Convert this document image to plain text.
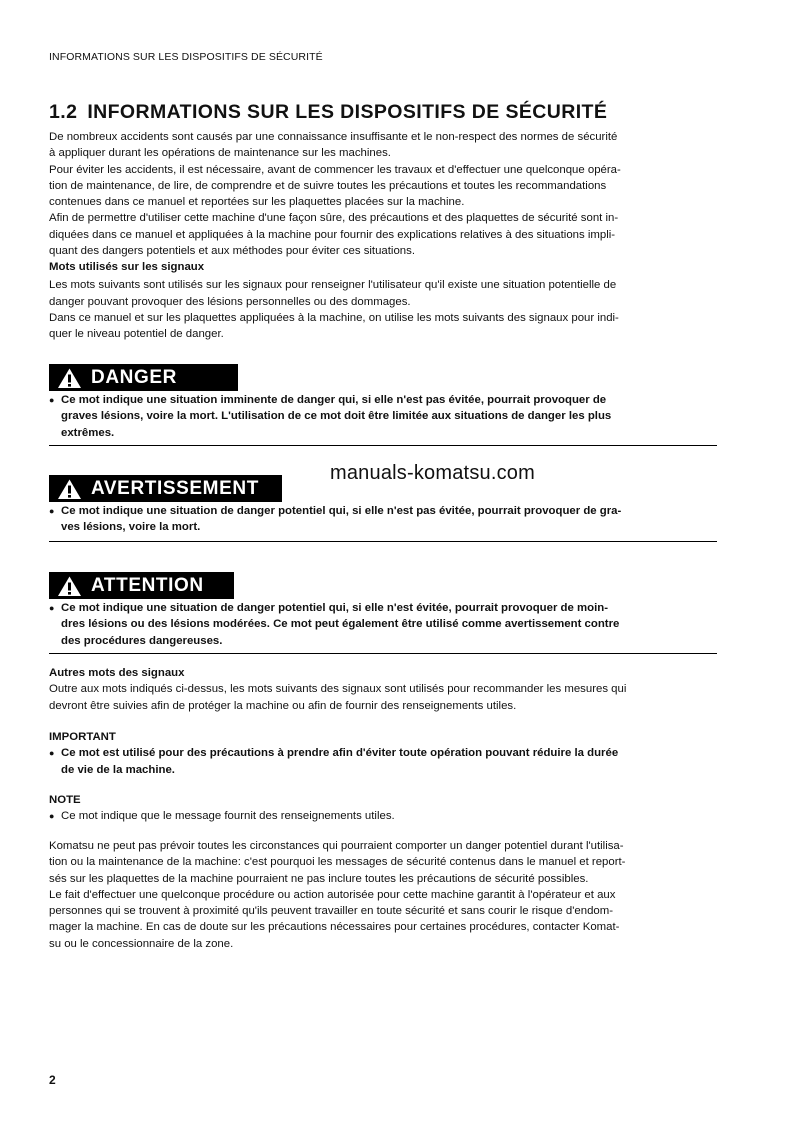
INFORMATIONS SUR LES DISPOSITIFS DE SÉCURITÉ
1.2 INFORMATIONS SUR LES DISPOSITIFS DE SÉCURITÉ

De nombreux accidents sont causés par une connaissance insuffisante et le non-respect des normes de sécurité

à appliquer durant les opérations de maintenance sur les machines.

Pour éviter les accidents, il est nécessaire, avant de commencer les travaux et d'effectuer une quelconque opéra-

tion de maintenance, de lire, de comprendre et de suivre toutes les précautions et toutes les recommandations

contenues dans ce manuel et reportées sur les plaquettes placées sur la machine.

Afin de permettre d'utiliser cette machine d'une façon sûre, des précautions et des plaquettes de sécurité sont in-

diquées dans ce manuel et appliquées à la machine pour fournir des explications relatives à des situations impli-

quant des dangers potentiels et aux méthodes pour éviter ces situations.

Mots utilisés sur les signaux

Les mots suivants sont utilisés sur les signaux pour renseigner l'utilisateur qu'il existe une situation potentielle de

danger pouvant provoquer des lésions personnelles ou des dommages.

Dans ce manuel et sur les plaquettes appliquées à la machine, on utilise les mots suivants des signaux pour indi-

quer le niveau potentiel de danger.

DANGER
● Ce mot indique une situation imminente de danger qui, si elle n'est pas évitée, pourrait provoquer de
graves lésions, voire la mort. L'utilisation de ce mot doit être limitée aux situations de danger les plus
extrêmes.
manuals-komatsu.com
AVERTISSEMENT
● Ce mot indique une situation de danger potentiel qui, si elle n'est pas évitée, pourrait provoquer de gra-
ves lésions, voire la mort.
ATTENTION
● Ce mot indique une situation de danger potentiel qui, si elle n'est évitée, pourrait provoquer de moin-
dres lésions ou des lésions modérées. Ce mot peut également être utilisé comme avertissement contre
des procédures dangereuses.

Autres mots des signaux

Outre aux mots indiqués ci-dessus, les mots suivants des signaux sont utilisés pour recommander les mesures qui

devront être suivies afin de protéger la machine ou afin de fournir des renseignements utiles.

IMPORTANT

● Ce mot est utilisé pour des précautions à prendre afin d'éviter toute opération pouvant réduire la durée
de vie de la machine.

NOTE

● Ce mot indique que le message fournit des renseignements utiles.

Komatsu ne peut pas prévoir toutes les circonstances qui pourraient comporter un danger potentiel durant l'utilisa-

tion ou la maintenance de la machine: c'est pourquoi les messages de sécurité contenus dans le manuel et report-

sés sur les plaquettes de la machine pourraient ne pas inclure toutes les précautions de sécurité possibles.

Le fait d'effectuer une quelconque procédure ou action autorisée pour cette machine garantit à l'opérateur et aux

personnes qui se trouvent à proximité qu'ils peuvent travailler en toute sécurité et sans courir le risque d'endom-

mager la machine. En cas de doute sur les précautions nécessaires pour certaines procédures, contacter Komat-

su ou le concessionnaire de la zone.

2
